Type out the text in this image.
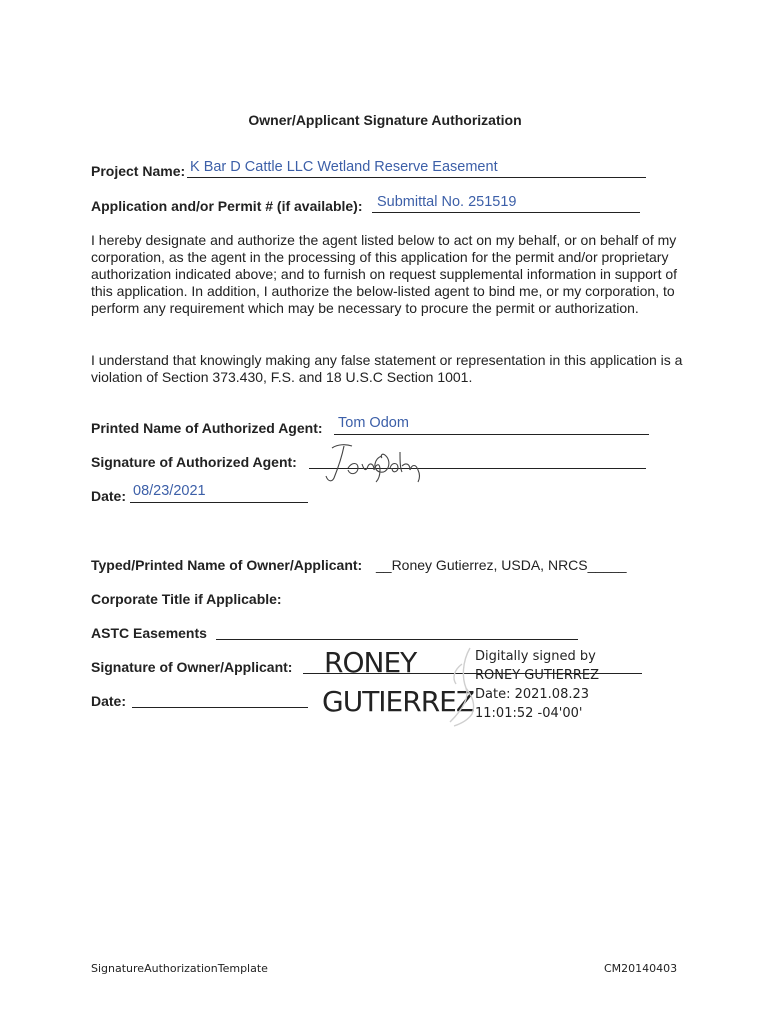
Owner/Applicant Signature Authorization
Project Name: K Bar D Cattle LLC Wetland Reserve Easement
Application and/or Permit # (if available): Submittal No. 251519
I hereby designate and authorize the agent listed below to act on my behalf, or on behalf of my corporation, as the agent in the processing of this application for the permit and/or proprietary authorization indicated above; and to furnish on request supplemental information in support of this application. In addition, I authorize the below-listed agent to bind me, or my corporation, to perform any requirement which may be necessary to procure the permit or authorization.
I understand that knowingly making any false statement or representation in this application is a violation of Section 373.430, F.S. and 18 U.S.C Section 1001.
Printed Name of Authorized Agent: Tom Odom
Signature of Authorized Agent:
Date: 08/23/2021
Typed/Printed Name of Owner/Applicant: __Roney Gutierrez, USDA, NRCS_____
Corporate Title if Applicable:
ASTC Easements
Signature of Owner/Applicant:
Date:
RONEY
GUTIERREZ
Digitally signed by
RONEY GUTIERREZ
Date: 2021.08.23
11:01:52 -04'00'
SignatureAuthorizationTemplate	CM20140403
